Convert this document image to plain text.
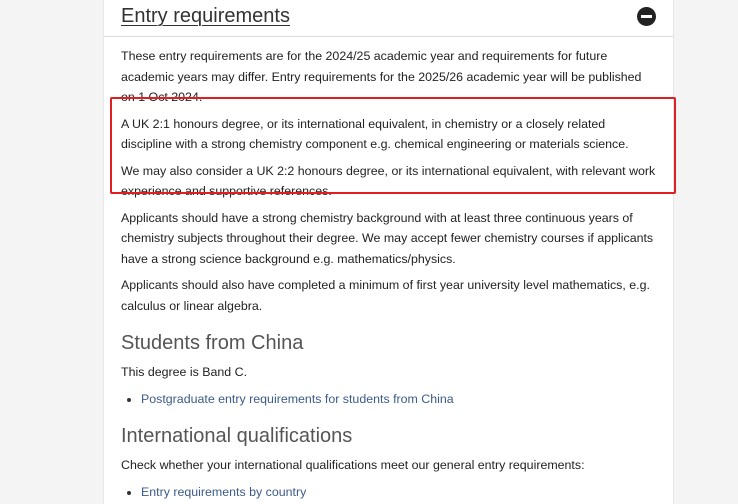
Entry requirements

These entry requirements are for the 2024/25 academic year and requirements for future academic years may differ. Entry requirements for the 2025/26 academic year will be published on 1 Oct 2024.

A UK 2:1 honours degree, or its international equivalent, in chemistry or a closely related discipline with a strong chemistry component e.g. chemical engineering or materials science.

We may also consider a UK 2:2 honours degree, or its international equivalent, with relevant work experience and supportive references.

Applicants should have a strong chemistry background with at least three continuous years of chemistry subjects throughout their degree. We may accept fewer chemistry courses if applicants have a strong science background e.g. mathematics/physics.

Applicants should also have completed a minimum of first year university level mathematics, e.g. calculus or linear algebra.

Students from China

This degree is Band C.

• Postgraduate entry requirements for students from China
International qualifications

Check whether your international qualifications meet our general entry requirements:

• Entry requirements by country
